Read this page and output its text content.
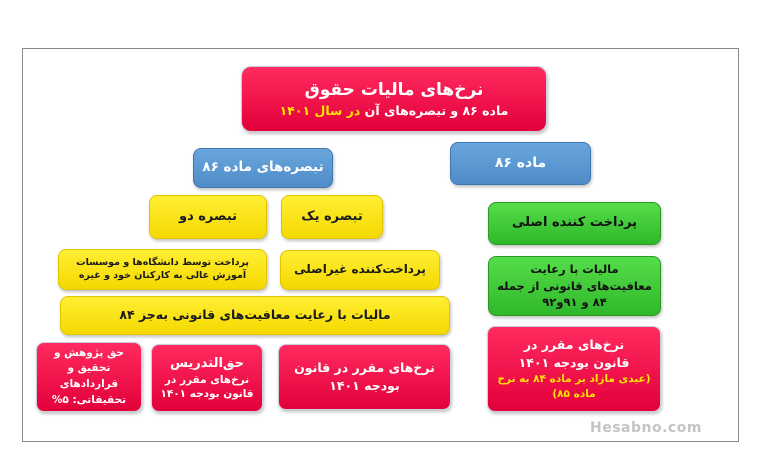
نرخ‌های مالیات حقوق
ماده ۸۶ و تبصره‌های آن در سال ۱۴۰۱
ماده ۸۶
تبصره‌های ماده ۸۶
پرداخت کننده اصلی
مالیات با رعایت معافیت‌های قانونی از جمله ۸۴ و ۹۱و۹۲
نرخ‌های مقرر در
قانون بودجه ۱۴۰۱
(عیدی مازاد بر ماده ۸۴ به نرخ ماده ۸۵)
تبصره یک
تبصره دو
پرداخت‌کننده غیراصلی
پرداخت توسط دانشگاه‌ها و موسسات آموزش عالی به کارکنان خود و غیره
مالیات با رعایت معافیت‌های قانونی به‌جز ۸۴
نرخ‌های مقرر در قانون بودجه ۱۴۰۱
حق‌التدریس
نرخ‌های مقرر در قانون بودجه ۱۴۰۱
حق پژوهش و تحقیق و قراردادهای تحقیقاتی: ۵%
Hesabno.com
